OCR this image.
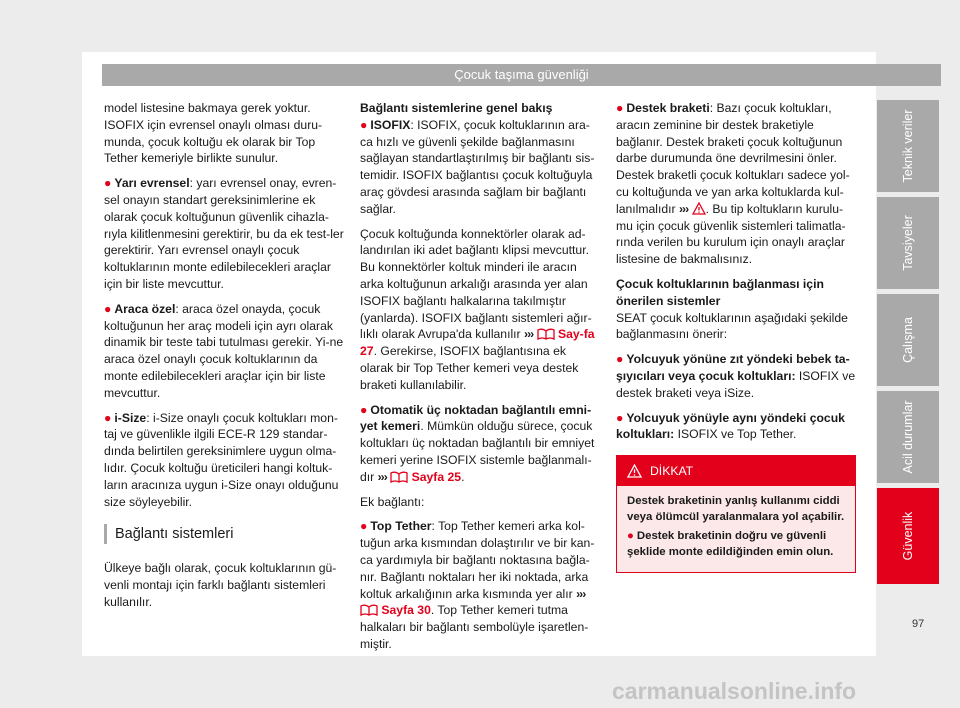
Çocuk taşıma güvenliği

model listesine bakmaya gerek yoktur. ISOFIX için evrensel onaylı olması duru-munda, çocuk koltuğu ek olarak bir Top Tether kemeriyle birlikte sunulur.

● Yarı evrensel: yarı evrensel onay, evren-sel onayın standart gereksinimlerine ek olarak çocuk koltuğunun güvenlik cihazla-rıyla kilitlenmesini gerektirir, bu da ek test-ler gerektirir. Yarı evrensel onaylı çocuk koltuklarının monte edilebilecekleri araçlar için bir liste mevcuttur.

● Araca özel: araca özel onayda, çocuk koltuğunun her araç modeli için ayrı olarak dinamik bir teste tabi tutulması gerekir. Yi-ne araca özel onaylı çocuk koltuklarının da monte edilebilecekleri araçlar için bir liste mevcuttur.

● i-Size: i-Size onaylı çocuk koltukları mon-taj ve güvenlikle ilgili ECE-R 129 standar-dında belirtilen gereksinimlere uygun olma-lıdır. Çocuk koltuğu üreticileri hangi koltuk-ların aracınıza uygun i-Size onayı olduğunu size söyleyebilir.

Bağlantı sistemleri

Ülkeye bağlı olarak, çocuk koltuklarının gü-venli montajı için farklı bağlantı sistemleri kullanılır.

Bağlantı sistemlerine genel bakış

● ISOFIX: ISOFIX, çocuk koltuklarının ara-ca hızlı ve güvenli şekilde bağlanmasını sağlayan standartlaştırılmış bir bağlantı sis-temidir. ISOFIX bağlantısı çocuk koltuğuyla araç gövdesi arasında sağlam bir bağlantı sağlar.

Çocuk koltuğunda konnektörler olarak ad-landırılan iki adet bağlantı klipsi mevcuttur. Bu konnektörler koltuk minderi ile aracın arka koltuğunun arkalığı arasında yer alan ISOFIX bağlantı halkalarına takılmıştır (yanlarda). ISOFIX bağlantı sistemleri ağır-lıklı olarak Avrupa'da kullanılır ››› Say-fa 27. Gerekirse, ISOFIX bağlantısına ek olarak bir Top Tether kemeri veya destek braketi kullanılabilir.

● Otomatik üç noktadan bağlantılı emni-yet kemeri. Mümkün olduğu sürece, çocuk koltukları üç noktadan bağlantılı bir emniyet kemeri yerine ISOFIX sistemle bağlanmalı-dır ››› Sayfa 25.

Ek bağlantı:

● Top Tether: Top Tether kemeri arka kol-tuğun arka kısmından dolaştırılır ve bir kan-ca yardımıyla bir bağlantı noktasına bağla-nır. Bağlantı noktaları her iki noktada, arka koltuk arkalığının arka kısmında yer alır ›››  Sayfa 30. Top Tether kemeri tutma halkaları bir bağlantı sembolüyle işaretlen-miştir.

● Destek braketi: Bazı çocuk koltukları, aracın zeminine bir destek braketiyle bağlanır. Destek braketi çocuk koltuğunun darbe durumunda öne devrilmesini önler. Destek braketli çocuk koltukları sadece yol-cu koltuğunda ve yan arka koltuklarda kul-lanılmalıdır ››› . Bu tip koltukların kurulu-mu için çocuk güvenlik sistemleri talimatla-rında verilen bu kurulum için onaylı araçlar listesine de bakmalısınız.

Çocuk koltuklarının bağlanması için önerilen sistemler

SEAT çocuk koltuklarının aşağıdaki şekilde bağlanmasını önerir:

● Yolcuyuk yönüne zıt yöndeki bebek ta-şıyıcıları veya çocuk koltukları: ISOFIX ve destek braketi veya iSize.

● Yolcuyuk yönüyle aynı yöndeki çocuk koltukları: ISOFIX ve Top Tether.

DİKKAT

Destek braketinin yanlış kullanımı ciddi veya ölümcül yaralanmalara yol açabilir.

● Destek braketinin doğru ve güvenli şeklide monte edildiğinden emin olun.

Teknik veriler
Tavsiyeler
Çalışma
Acil durumlar
Güvenlik
97
carmanualsonline.info
